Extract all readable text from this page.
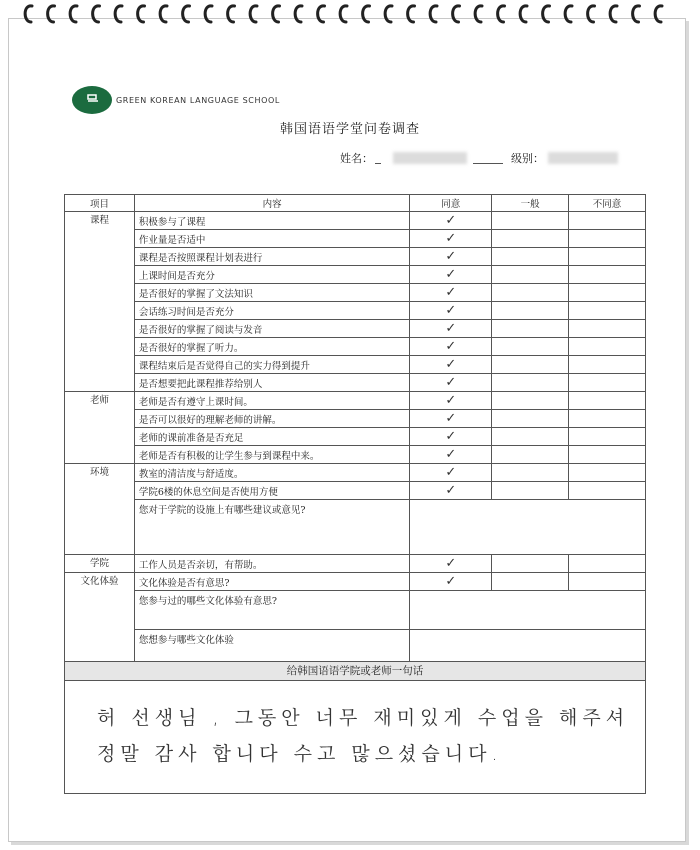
GREEN KOREAN LANGUAGE SCHOOL
韩国语语学堂问卷调查
姓名：	级别：
项目	内容	同意	一般	不同意
课程	积极参与了课程	✓		
	作业量是否适中	✓		
	课程是否按照课程计划表进行	✓		
	上课时间是否充分	✓		
	是否很好的掌握了文法知识	✓		
	会话练习时间是否充分	✓		
	是否很好的掌握了阅读与发音	✓		
	是否很好的掌握了听力。	✓		
	课程结束后是否觉得自己的实力得到提升	✓		
	是否想要把此课程推荐给别人	✓		
老师	老师是否有遵守上课时间。	✓		
	是否可以很好的理解老师的讲解。	✓		
	老师的课前准备是否充足	✓		
	老师是否有积极的让学生参与到课程中来。	✓		
环境	教室的清洁度与舒适度。	✓		
	学院6楼的休息空间是否使用方便	✓		
	您对于学院的设施上有哪些建议或意见?			
学院	工作人员是否亲切，有帮助。	✓		
文化体验	文化体验是否有意思?	✓		
	您参与过的哪些文化体验有意思?			
	您想参与哪些文化体验			
给韩国语语学院或老师一句话
허 선생님 , 그동안 너무 재미있게 수업을 해주셔
정말 감사 합니다 수고 많으셨습니다.
